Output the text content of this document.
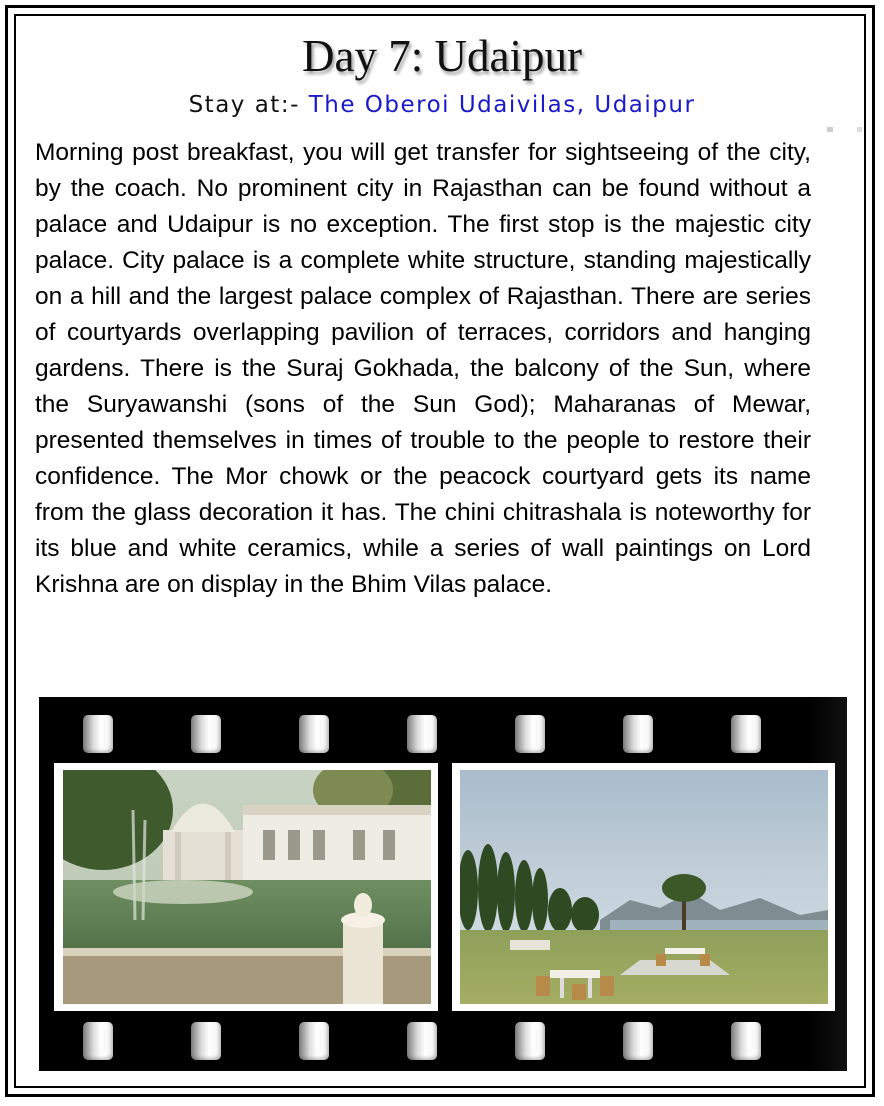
Day 7: Udaipur
Stay at:- The Oberoi Udaivilas, Udaipur

Morning post breakfast, you will get transfer for sightseeing of the city, by the coach. No prominent city in Rajasthan can be found without a palace and Udaipur is no exception. The first stop is the majestic city palace. City palace is a complete white structure, standing majestically on a hill and the largest palace complex of Rajasthan. There are series of courtyards overlapping pavilion of terraces, corridors and hanging gardens. There is the Suraj Gokhada, the balcony of the Sun, where the Suryawanshi (sons of the Sun God); Maharanas of Mewar, presented themselves in times of trouble to the people to restore their confidence. The Mor chowk or the peacock courtyard gets its name from the glass decoration it has. The chini chitrashala is noteworthy for its blue and white ceramics, while a series of wall paintings on Lord Krishna are on display in the Bhim Vilas palace.
